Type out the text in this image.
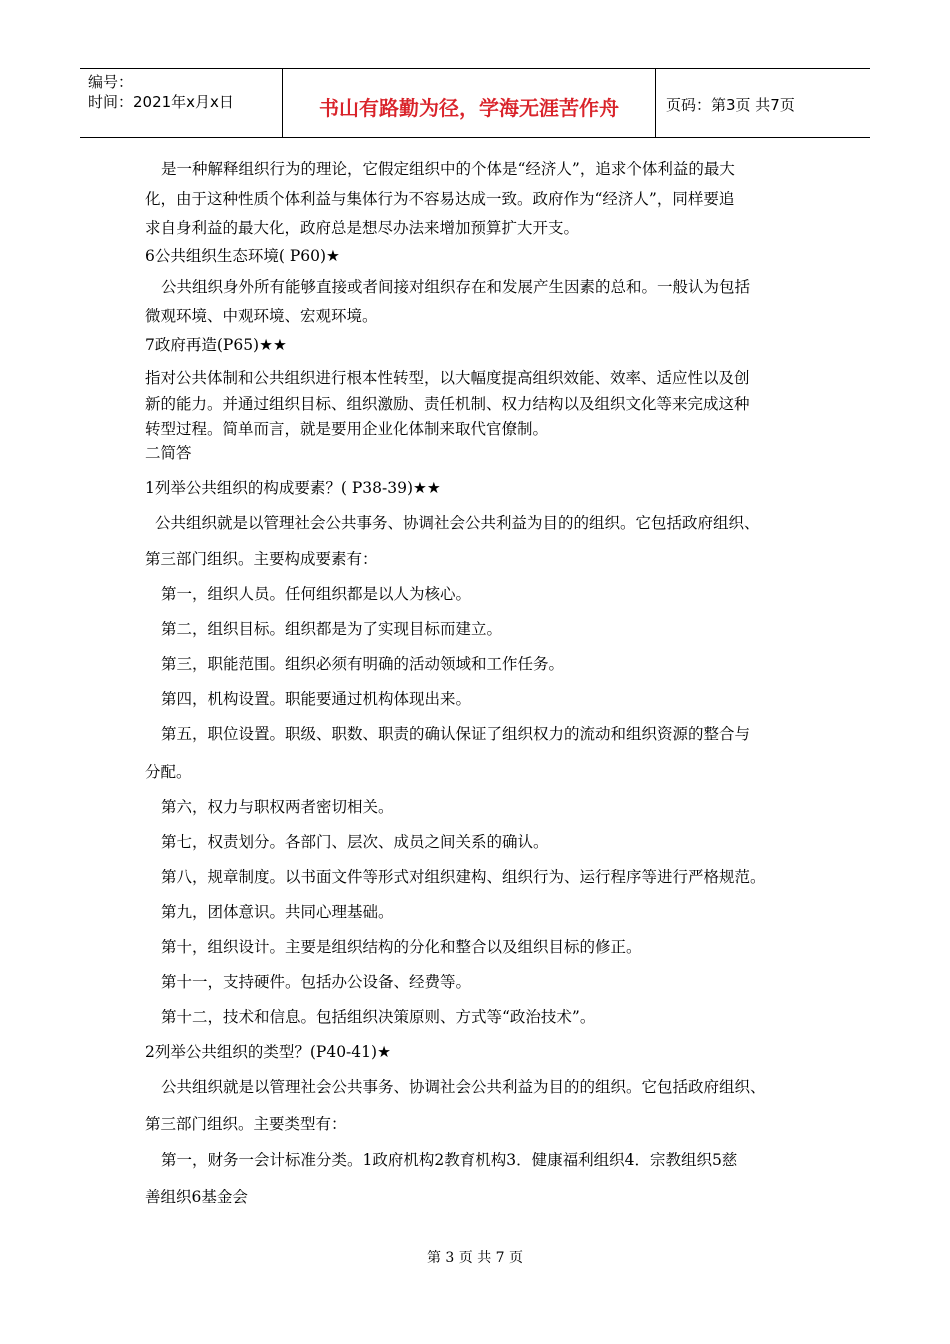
编号：
时间：2021年x月x日	书山有路勤为径，学海无涯苦作舟	页码：第3页 共7页
是一种解释组织行为的理论，它假定组织中的个体是“经济人”，追求个体利益的最大
化，由于这种性质个体利益与集体行为不容易达成一致。政府作为“经济人”，同样要追
求自身利益的最大化，政府总是想尽办法来增加预算扩大开支。
6公共组织生态环境( P60)★
公共组织身外所有能够直接或者间接对组织存在和发展产生因素的总和。一般认为包括
微观环境、中观环境、宏观环境。
7政府再造(P65)★★
指对公共体制和公共组织进行根本性转型，以大幅度提高组织效能、效率、适应性以及创
新的能力。并通过组织目标、组织激励、责任机制、权力结构以及组织文化等来完成这种
转型过程。简单而言，就是要用企业化体制来取代官僚制。
二简答
1列举公共组织的构成要素？( P38-39)★★
公共组织就是以管理社会公共事务、协调社会公共利益为目的的组织。它包括政府组织、
第三部门组织。主要构成要素有：
第一，组织人员。任何组织都是以人为核心。
第二，组织目标。组织都是为了实现目标而建立。
第三，职能范围。组织必须有明确的活动领域和工作任务。
第四，机构设置。职能要通过机构体现出来。
第五，职位设置。职级、职数、职责的确认保证了组织权力的流动和组织资源的整合与
分配。
第六，权力与职权两者密切相关。
第七，权责划分。各部门、层次、成员之间关系的确认。
第八，规章制度。以书面文件等形式对组织建构、组织行为、运行程序等进行严格规范。
第九，团体意识。共同心理基础。
第十，组织设计。主要是组织结构的分化和整合以及组织目标的修正。
第十一，支持硬件。包括办公设备、经费等。
第十二，技术和信息。包括组织决策原则、方式等“政治技术”。
2列举公共组织的类型？(P40-41)★
公共组织就是以管理社会公共事务、协调社会公共利益为目的的组织。它包括政府组织、
第三部门组织。主要类型有：
第一，财务一会计标准分类。1政府机构2教育机构3．健康福利组织4．宗教组织5慈
善组织6基金会
第 3 页 共 7 页
